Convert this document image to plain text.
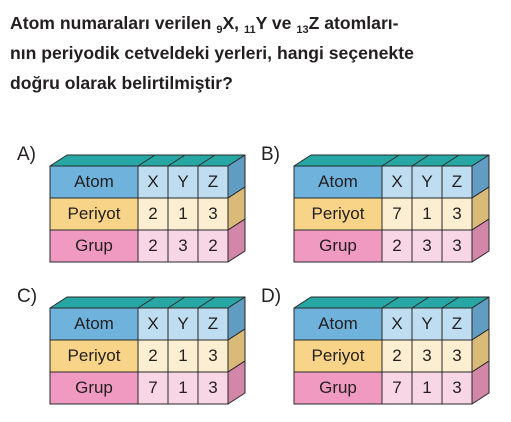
Atom numaraları verilen $_9$X, $_{11}$Y ve $_{13}$Z atomları-
nın periyodik cetveldeki yerleri, hangi seçenekte
doğru olarak belirtilmiştir?
A)
Atom	X	Y	Z
Periyot	2	1	3
Grup	2	3	2
B)
Atom	X	Y	Z
Periyot	7	1	3
Grup	2	3	3
C)
Atom	X	Y	Z
Periyot	2	1	3
Grup	7	1	3
D)
Atom	X	Y	Z
Periyot	2	3	3
Grup	7	1	3
